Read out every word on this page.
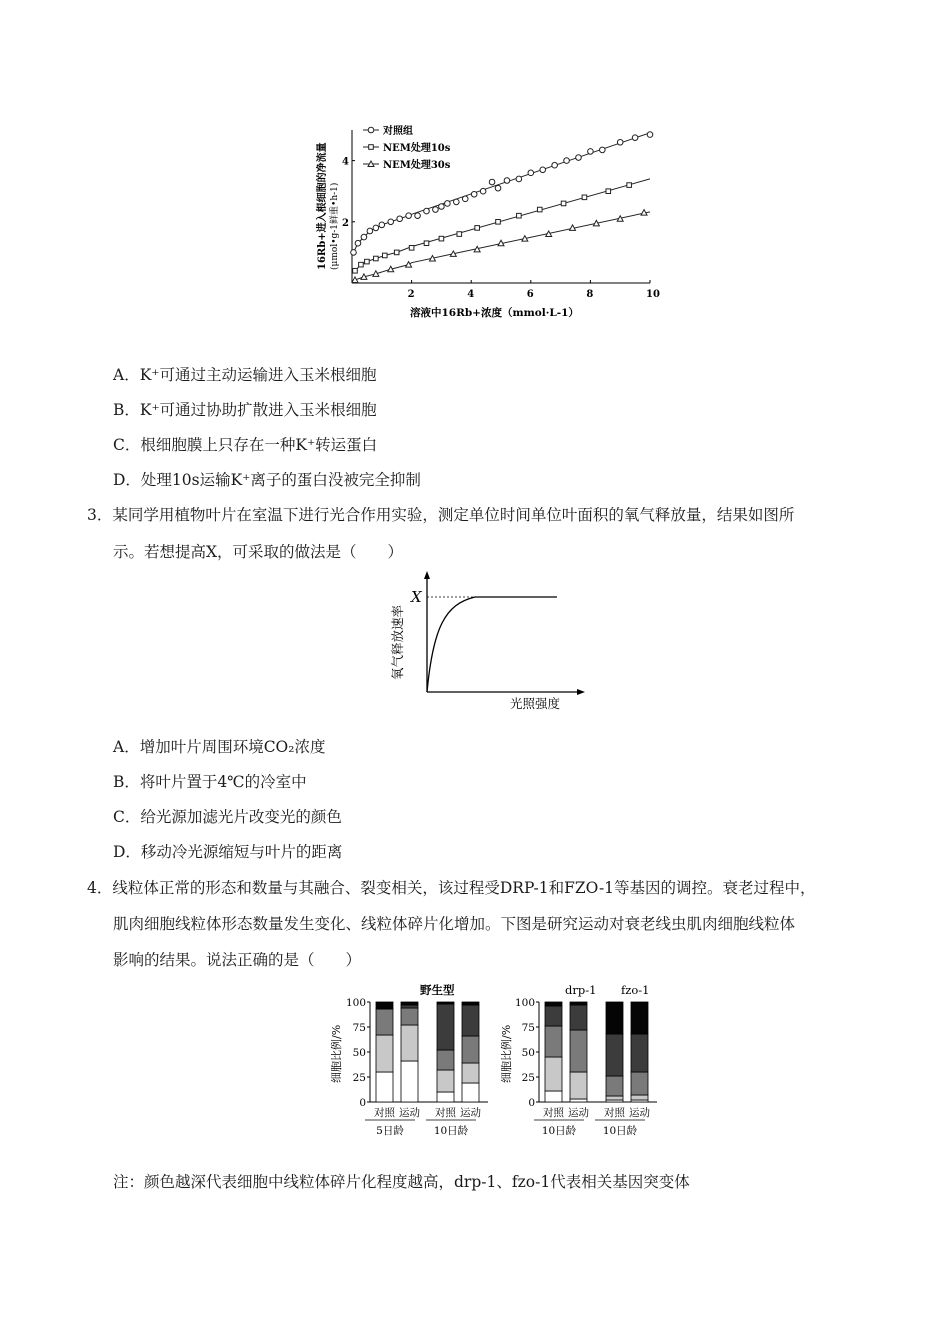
2	4	6	8	10
2
4
对照组
NEM处理10s
NEM处理30s
16Rb+进入根细胞的净流量 (μmol•g-1鲜重•h-1)
溶液中16Rb+浓度（mmol·L-1）
A．K⁺可通过主动运输进入玉米根细胞
B．K⁺可通过协助扩散进入玉米根细胞
C．根细胞膜上只存在一种K⁺转运蛋白
D．处理10s运输K⁺离子的蛋白没被完全抑制
3．某同学用植物叶片在室温下进行光合作用实验，测定单位时间单位叶面积的氧气释放量，结果如图所
示。若想提高X，可采取的做法是（　　）
X
氧气释放速率
光照强度
A．增加叶片周围环境CO₂浓度
B．将叶片置于4℃的冷室中
C．给光源加滤光片改变光的颜色
D．移动冷光源缩短与叶片的距离
4．线粒体正常的形态和数量与其融合、裂变相关，该过程受DRP-1和FZO-1等基因的调控。衰老过程中，
肌肉细胞线粒体形态数量发生变化、线粒体碎片化增加。下图是研究运动对衰老线虫肌肉细胞线粒体
影响的结果。说法正确的是（　　）
野生型	drp-1 fzo-1
细胞比例/%	细胞比例/%
100
75
50
25
0
对照 运动 对照 运动
5日龄	10日龄
100
75
50
25
0
对照 运动 对照 运动
10日龄	10日龄
注：颜色越深代表细胞中线粒体碎片化程度越高，drp-1、fzo-1代表相关基因突变体
